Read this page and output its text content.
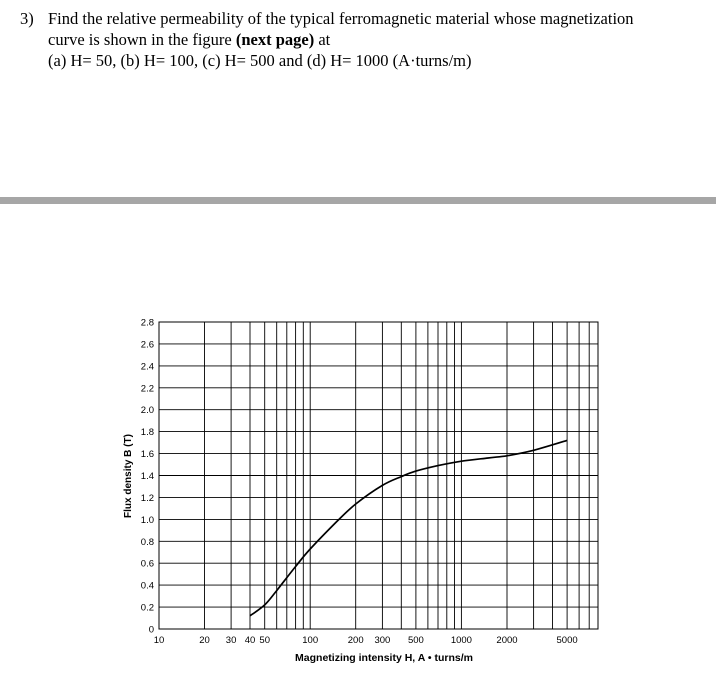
3) Find the relative permeability of the typical ferromagnetic material whose magnetization
curve is shown in the figure (next page) at
(a) H= 50, (b) H= 100, (c) H= 500 and (d) H= 1000 (A·turns/m)
0
0.2
0.4
0.6
0.8
1.0
1.2
1.4
1.6
1.8
2.0
2.2
2.4
2.6
2.8
10	20 30 40 50	100	200 300 500	1000	2000	5000
Magnetizing intensity H, A • turns/m
Flux density B (T)
